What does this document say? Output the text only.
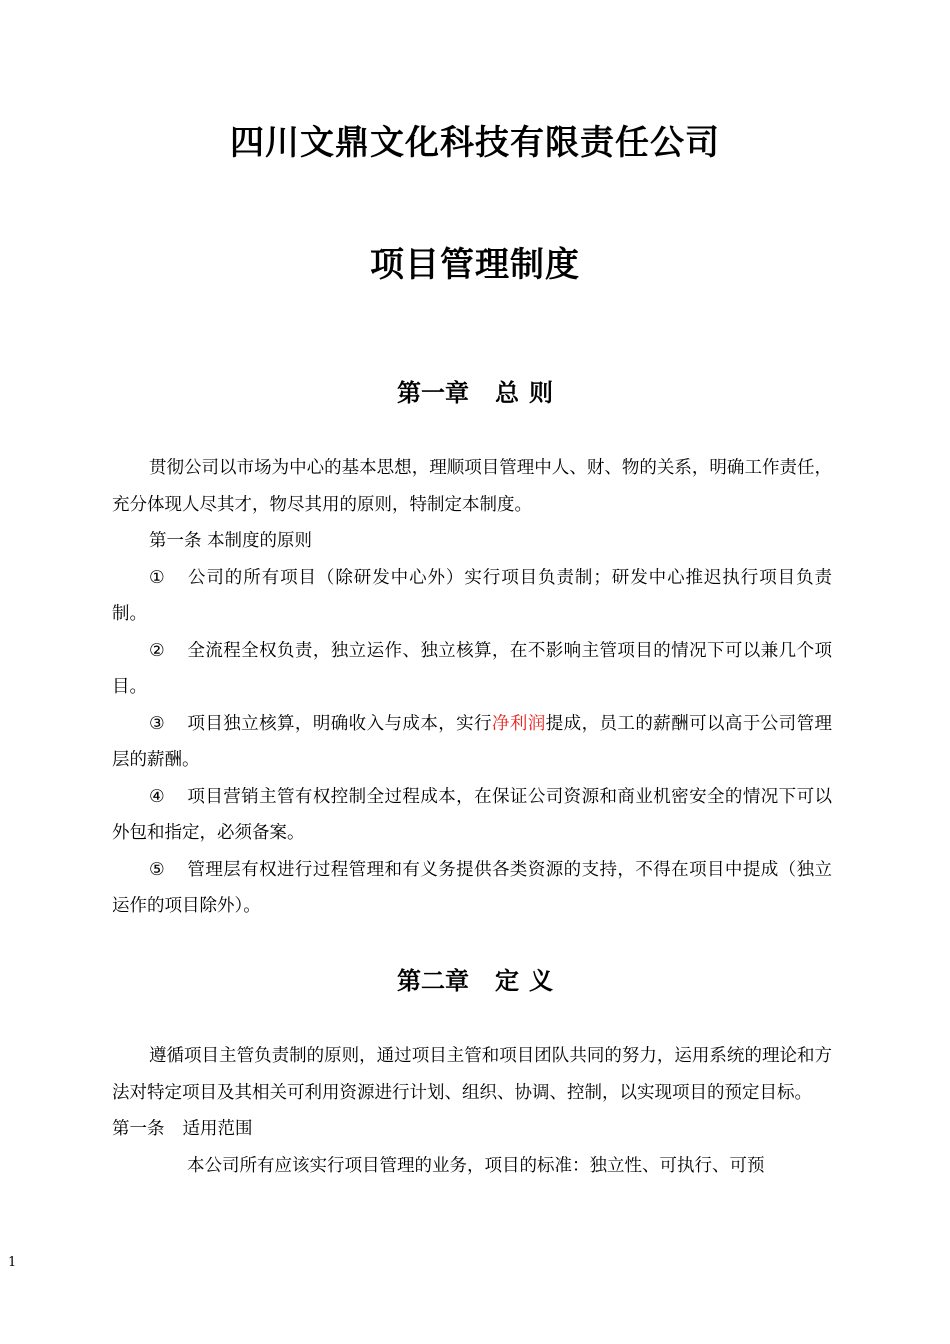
四川文鼎文化科技有限责任公司
项目管理制度
第一章 总 则

贯彻公司以市场为中心的基本思想，理顺项目管理中人、财、物的关系，明确工作责任，充分体现人尽其才，物尽其用的原则，特制定本制度。

第一条 本制度的原则

① 公司的所有项目（除研发中心外）实行项目负责制；研发中心推迟执行项目负责制。

② 全流程全权负责，独立运作、独立核算，在不影响主管项目的情况下可以兼几个项目。

③ 项目独立核算，明确收入与成本，实行净利润提成，员工的薪酬可以高于公司管理层的薪酬。

④ 项目营销主管有权控制全过程成本，在保证公司资源和商业机密安全的情况下可以外包和指定，必须备案。

⑤ 管理层有权进行过程管理和有义务提供各类资源的支持，不得在项目中提成（独立运作的项目除外）。

第二章 定 义

遵循项目主管负责制的原则，通过项目主管和项目团队共同的努力，运用系统的理论和方法对特定项目及其相关可利用资源进行计划、组织、协调、控制，以实现项目的预定目标。

第一条 适用范围

本公司所有应该实行项目管理的业务，项目的标准：独立性、可执行、可预

1
